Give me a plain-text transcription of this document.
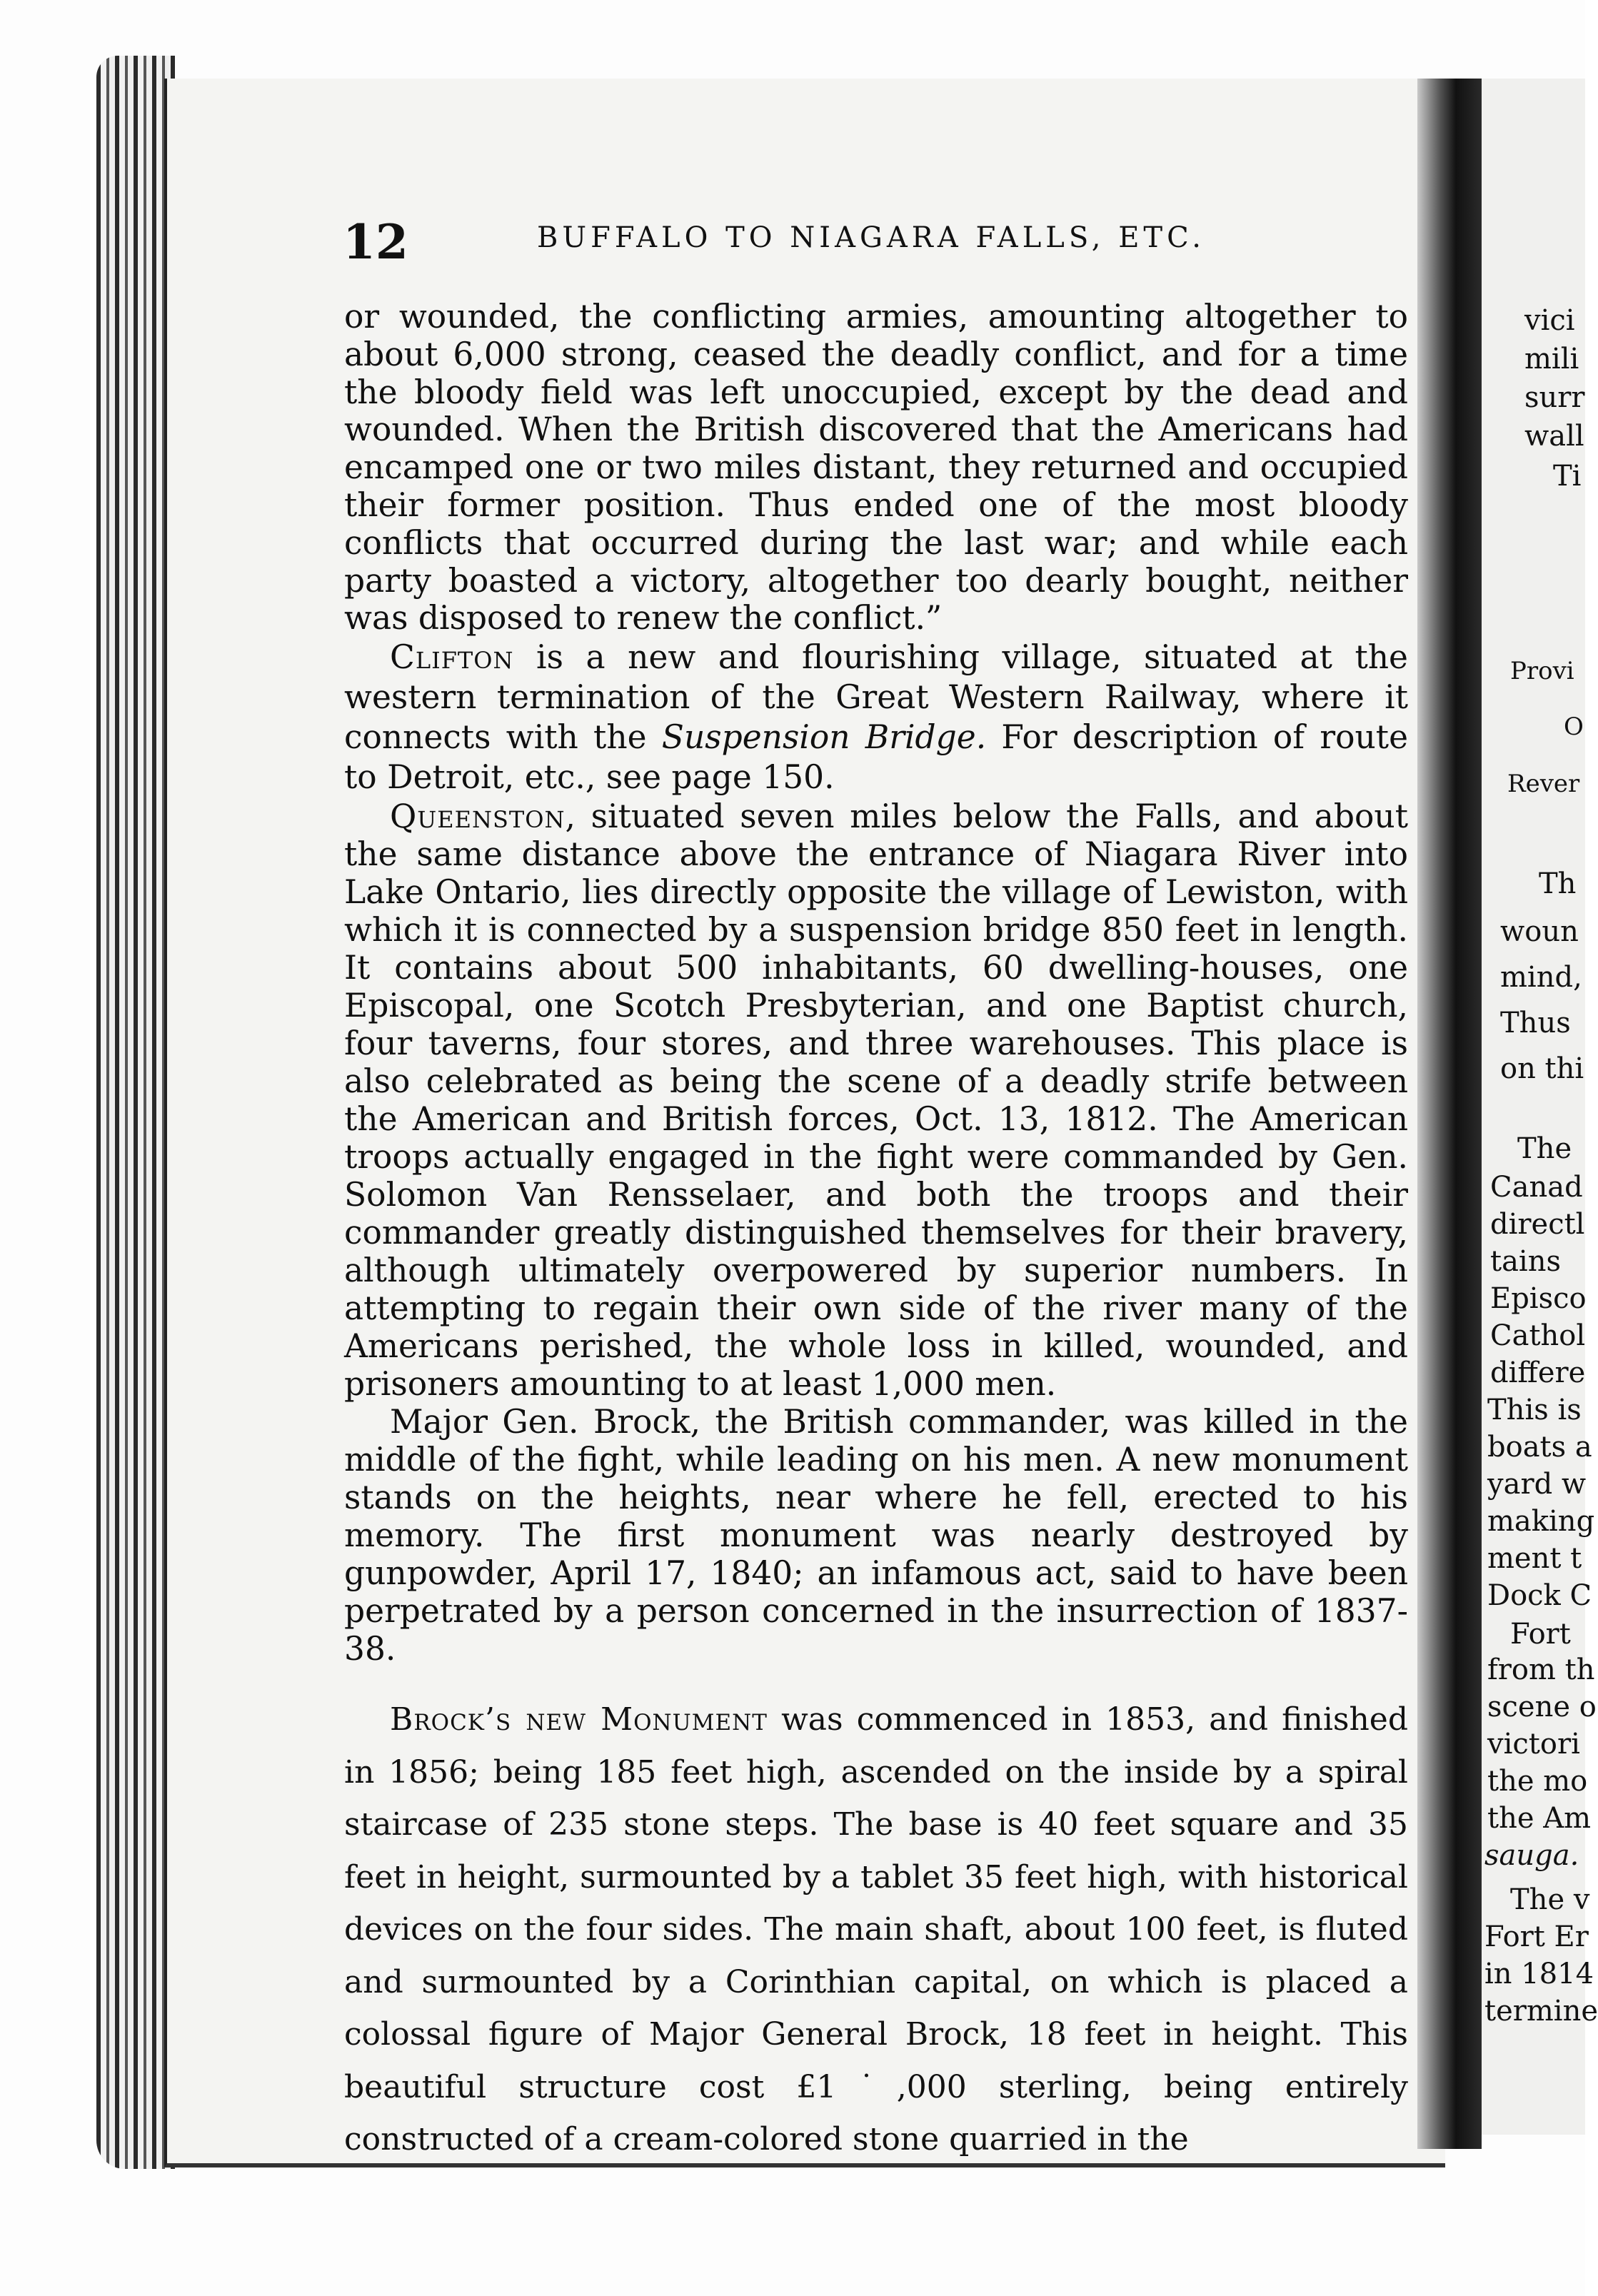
vici
mili
surr
wall
Ti
Provi
O
Rever
Th
woun
mind,
Thus
on thi
The
Canad
directl
tains
Episco
Cathol
differe
This is
boats a
yard w
making
ment t
Dock C
Fort
from th
scene o
victori
the mo
the Am
sauga.
The v
Fort Er
in 1814
termine
12	BUFFALO TO NIAGARA FALLS, ETC.

or wounded, the conflicting armies, amounting altogether to about 6,000 strong, ceased the deadly conflict, and for a time the bloody field was left unoccupied, except by the dead and wounded. When the British discovered that the Americans had encamped one or two miles distant, they returned and occupied their former position. Thus ended one of the most bloody conflicts that occurred during the last war; and while each party boasted a victory, altogether too dearly bought, neither was disposed to renew the conflict.”

Clifton is a new and flourishing village, situated at the western termination of the Great Western Railway, where it connects with the Suspension Bridge. For description of route to Detroit, etc., see page 150.

Queenston, situated seven miles below the Falls, and about the same distance above the entrance of Niagara River into Lake Ontario, lies directly opposite the village of Lewiston, with which it is connected by a suspension bridge 850 feet in length. It contains about 500 inhabitants, 60 dwelling-houses, one Episcopal, one Scotch Presbyterian, and one Baptist church, four taverns, four stores, and three warehouses. This place is also celebrated as being the scene of a deadly strife between the American and British forces, Oct. 13, 1812. The American troops actually engaged in the fight were commanded by Gen. Solomon Van Rensselaer, and both the troops and their commander greatly distinguished themselves for their bravery, although ultimately overpowered by superior numbers. In attempting to regain their own side of the river many of the Americans perished, the whole loss in killed, wounded, and prisoners amounting to at least 1,000 men.

Major Gen. Brock, the British commander, was killed in the middle of the fight, while leading on his men. A new monument stands on the heights, near where he fell, erected to his memory. The first monument was nearly destroyed by gunpowder, April 17, 1840; an infamous act, said to have been perpetrated by a person concerned in the insurrection of 1837-38.

Brock’s new Monument was commenced in 1853, and finished in 1856; being 185 feet high, ascended on the inside by a spiral staircase of 235 stone steps. The base is 40 feet square and 35 feet in height, surmounted by a tablet 35 feet high, with historical devices on the four sides. The main shaft, about 100 feet, is fluted and surmounted by a Corinthian capital, on which is placed a colossal figure of Major General Brock, 18 feet in height. This beautiful structure cost £1˙,000 sterling, being entirely constructed of a cream-colored stone quarried in the
